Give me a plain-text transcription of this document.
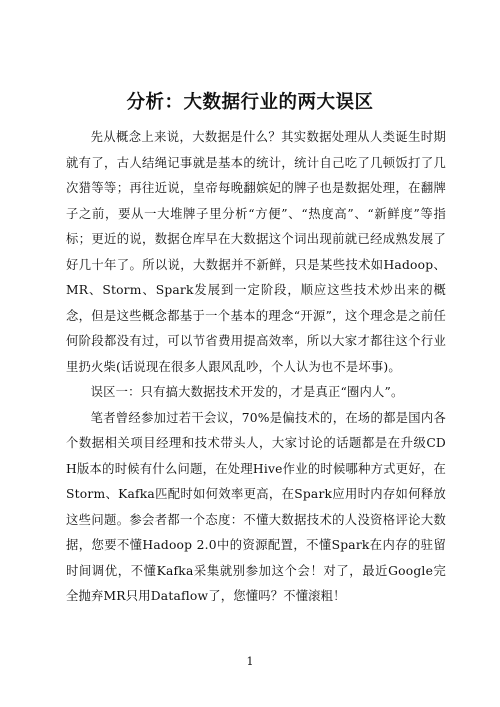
分析：大数据行业的两大误区

先从概念上来说，大数据是什么？其实数据处理从人类诞生时期就有了，古人结绳记事就是基本的统计，统计自己吃了几顿饭打了几次猎等等；再往近说，皇帝每晚翻嫔妃的牌子也是数据处理，在翻牌子之前，要从一大堆牌子里分析“方便”、“热度高”、“新鲜度”等指标；更近的说，数据仓库早在大数据这个词出现前就已经成熟发展了好几十年了。所以说，大数据并不新鲜，只是某些技术如Hadoop、MR、Storm、Spark发展到一定阶段，顺应这些技术炒出来的概念，但是这些概念都基于一个基本的理念“开源”，这个理念是之前任何阶段都没有过，可以节省费用提高效率，所以大家才都往这个行业里扔火柴(话说现在很多人跟风乱吵，个人认为也不是坏事)。

误区一：只有搞大数据技术开发的，才是真正“圈内人”。

笔者曾经参加过若干会议，70%是偏技术的，在场的都是国内各个数据相关项目经理和技术带头人，大家讨论的话题都是在升级CDH版本的时候有什么问题，在处理Hive作业的时候哪种方式更好，在Storm、Kafka匹配时如何效率更高，在Spark应用时内存如何释放这些问题。参会者都一个态度：不懂大数据技术的人没资格评论大数据，您要不懂Hadoop 2.0中的资源配置，不懂Spark在内存的驻留时间调优，不懂Kafka采集就别参加这个会！对了，最近Google完全抛弃MR只用Dataflow了，您懂吗？不懂滚粗！

1
